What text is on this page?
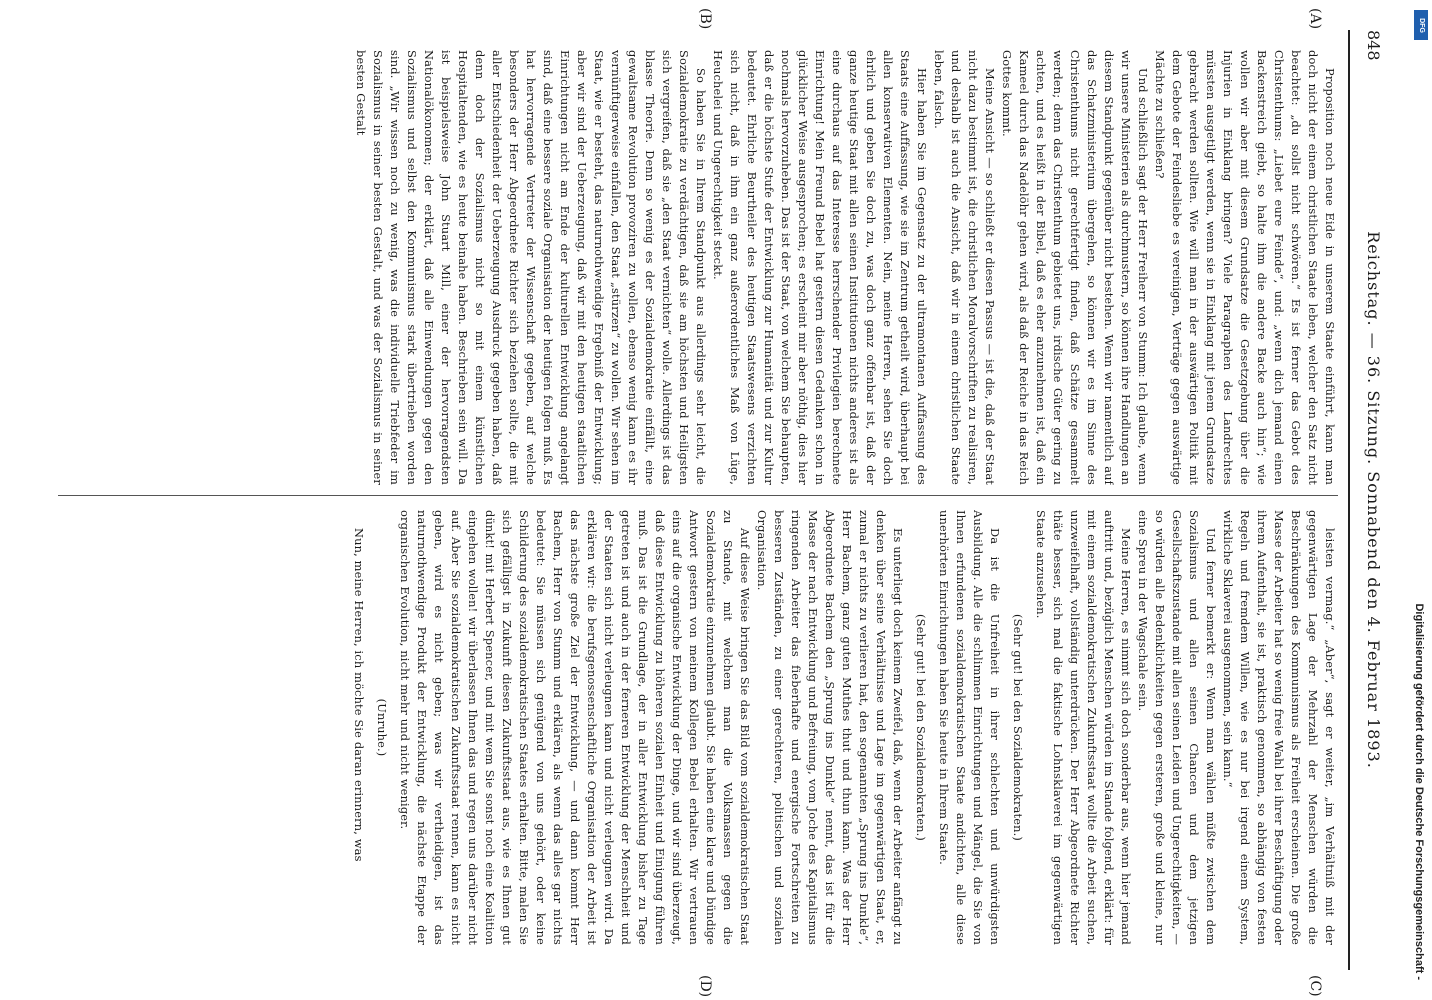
848
Reichstag. — 36. Sitzung. Sonnabend den 4. Februar 1893.
(A)
(B)
(C)
(D)

Proposition noch neue Eide in unserem Staate einführt, kann man doch nicht der einem christlichen Staate leben, welcher den Satz nicht beachtet: „du sollst nicht schwören.“ Es ist ferner das Gebot des Christenthums: „Liebet eure Feinde“, und: „wenn dich jemand einen Backenstreich giebt, so halte ihm die andere Backe auch hin“; wie wollen wir aber mit diesem Grundsatze die Gesetzgebung über die Injurien in Einklang bringen? Viele Paragraphen des Landrechtes müssten ausgetilgt werden, wenn sie in Einklang mit jenem Grundsatze gebracht werden sollten. Wie will man in der auswärtigen Politik mit dem Gebote der Feindesliebe es vereinigen, Verträge gegen auswärtige Mächte zu schließen?

Und schließlich sagt der Herr Freiherr von Stumm: Ich glaube, wenn wir unsere Ministerien als durchmustern, so können ihre Handlungen an diesem Standpunkt gegenüber nicht bestehen. Wenn wir namentlich auf das Schatzministerium übergehen, so können wir es im Sinne des Christenthums nicht gerechtfertigt finden, daß Schätze gesammelt werden; denn das Christenthum gebietet uns, irdische Güter gering zu achten, und es heißt in der Bibel, daß es eher anzunehmen ist, daß ein Kameel durch das Nadelöhr gehen wird, als daß der Reiche in das Reich Gottes kommt.

Meine Ansicht — so schließt er diesen Passus — ist die, daß der Staat nicht dazu bestimmt ist, die christlichen Moralvorschriften zu realisiren, und deshalb ist auch die Ansicht, daß wir in einem christlichen Staate leben, falsch.

Hier haben Sie im Gegensatz zu der ultramontanen Auffassung des Staats eine Auffassung, wie sie im Zentrum getheilt wird, überhaupt bei allen konservativen Elementen. Nein, meine Herren, sehen Sie doch ehrlich und geben Sie doch zu, was doch ganz offenbar ist, daß der ganze heutige Staat mit allen seinen Institutionen nichts anderes ist als eine durchaus auf das Interesse herrschender Privilegien berechnete Einrichtung! Mein Freund Bebel hat gestern diesen Gedanken schon in glücklicher Weise ausgesprochen; es erscheint mir aber nöthig, dies hier nochmals hervorzuheben. Das ist der Staat, von welchem Sie behaupten, daß er die höchste Stufe der Entwicklung zur Humanität und zur Kultur bedeutet. Ehrliche Beurtheiler des heutigen Staatswesens verzichten sich nicht, daß in ihm ein ganz außerordentliches Maß von Lüge, Heuchelei und Ungerechtigkeit steckt.

So haben Sie in Ihrem Standpunkt aus allerdings sehr leicht, die Sozialdemokratie zu verdächtigen, daß sie am höchsten und Heiligsten sich vergreifen, daß sie „den Staat vernichten“ wolle. Allerdings ist das blasse Theorie. Denn so wenig es der Sozialdemokratie einfällt, eine gewaltsame Revolution provoziren zu wollen, ebenso wenig kann es ihr vernünftigerweise einfallen, den Staat „stürzen“ zu wollen. Wir sehen im Staat, wie er besteht, das naturnothwendige Ergebniß der Entwicklung; aber wir sind der Ueberzeugung, daß wir mit den heutigen staatlichen Einrichtungen nicht am Ende der kulturellen Entwicklung angelangt sind, daß eine bessere soziale Organisation der heutigen folgen muß. Es hat hervorragende Vertreter der Wissenschaft gegeben, auf welche besonders der Herr Abgeordnete Richter sich beziehen sollte, die mit aller Entschiedenheit der Ueberzeugung Ausdruck gegeben haben, daß denn doch der Sozialismus nicht so mit einem künstlichen Hospitaltenden, wie es heute beinahe haben. Beschrieben sein will. Da ist beispielsweise John Stuart Mill, einer der hervorragendsten Nationalökonomen; der erklärt, daß alle Einwendungen gegen den Sozialismus und selbst den Kommunismus stark übertrieben worden sind. „Wir wissen noch zu wenig, was die individuelle Triebfeder im Sozialismus in seiner besten Gestalt, und was der Sozialismus in seiner besten Gestalt

leisten vermag.“ „Aber“, sagt er weiter, „im Verhältniß mit der gegenwärtigen Lage der Mehrzahl der Menschen würden die Beschränkungen des Kommunismus als Freiheit erscheinen. Die große Masse der Arbeiter hat so wenig freie Wahl bei ihrer Beschäftigung oder ihrem Aufenthalt, sie ist, praktisch genommen, so abhängig von festen Regeln und fremdem Willen, wie es nur bei irgend einem System, wirkliche Sklaverei ausgenommen, sein kann.“

Und ferner bemerkt er: Wenn man wählen müßte zwischen dem Sozialismus und allen seinen Chancen und dem jetzigen Gesellschaftszustande mit allen seinen Leiden und Ungerechtigkeiten, — so würden alle Bedenklichkeiten gegen ersteren, große und kleine, nur eine Spreu in der Wagschale sein.

Meine Herren, es nimmt sich doch sonderbar aus, wenn hier jemand auftritt und, bezüglich Menschen würden im Stande folgend, erklärt: für mit einem sozialdemokratischen Zukunftsstaat wollte die Arbeit suchen, unzweifelhaft, vollständig unterdrücken. Der Herr Abgeordnete Richter thäte besser, sich mal die faktische Lohnsklaverei im gegenwärtigen Staate anzusehen.

(Sehr gut! bei den Sozialdemokraten.)

Da ist die Unfreiheit in ihrer schlechten und unwürdigsten Ausbildung. Alle die schlimmen Einrichtungen und Mängel, die Sie von Ihnen erfundenen sozialdemokratischen Staate andichten, alle diese unerhörten Einrichtungen haben Sie heute in Ihrem Staate.

(Sehr gut! bei den Sozialdemokraten.)

Es unterliegt doch keinem Zweifel, daß, wenn der Arbeiter anfängt zu denken über seine Verhältnisse und Lage im gegenwärtigen Staat, er, zumal er nichts zu verlieren hat, den sogenannten „Sprung ins Dunkle“, Herr Bachem, ganz guten Muthes thut und thun kann. Was der Herr Abgeordnete Bachem den „Sprung ins Dunkle“ nennt, das ist für die Masse der nach Entwicklung und Befreiung, vom Joche des Kapitalismus ringenden Arbeiter das fieberhafte und energische Fortschreiten zu besseren Zuständen, zu einer gerechteren, politischen und sozialen Organisation.

Auf diese Weise bringen Sie das Bild vom sozialdemokratischen Staat zu Stande, mit welchem man die Volksmassen gegen die Sozialdemokratie einzunehmen glaubt. Sie haben eine klare und bündige Antwort gestern von meinem Kollegen Bebel erhalten. Wir vertrauen eins auf die organische Entwicklung der Dinge, und wir sind überzeugt, daß diese Entwicklung zu höheren sozialen Einheit und Einigung führen muß. Das ist die Grundlage, der in aller Entwicklung bisher zu Tage getreten ist und auch in der ferneren Entwicklung der Menschheit und der Staaten sich nicht verleugnen kann und nicht verleugnen wird. Da erklären wir: die berufsgenossenschaftliche Organisation der Arbeit ist das nächste große Ziel der Entwicklung, — und dann kommt Herr Bachem, Herr von Stumm und erklären, als wenn das alles gar nichts bedeutet: Sie müssen sich genügend von uns gehört, oder keine Schilderung des sozialdemokratischen Staates erhalten. Bitte, malen Sie sich gefälligst in Zukunft diesen Zukunftsstaat aus, wie es Ihnen gut dünkt! mit Herbert Spencer, und mit wem Sie sonst noch eine Koalition eingehen wollen! wir überlassen Ihnen das und regen uns darüber nicht auf. Aber Sie sozialdemokratischen Zukunftsstaat rennen, kann es nicht geben, wird es nicht geben; was wir vertheidigen, ist das naturnothwendige Produkt der Entwicklung, die nächste Etappe der organischen Evolution, nicht mehr und nicht weniger.

(Unruhe.)

Nun, meine Herren, ich möchte Sie daran erinnern, was

DFG
Digitalisierung gefördert durch die Deutsche Forschungsgemeinschaft -
